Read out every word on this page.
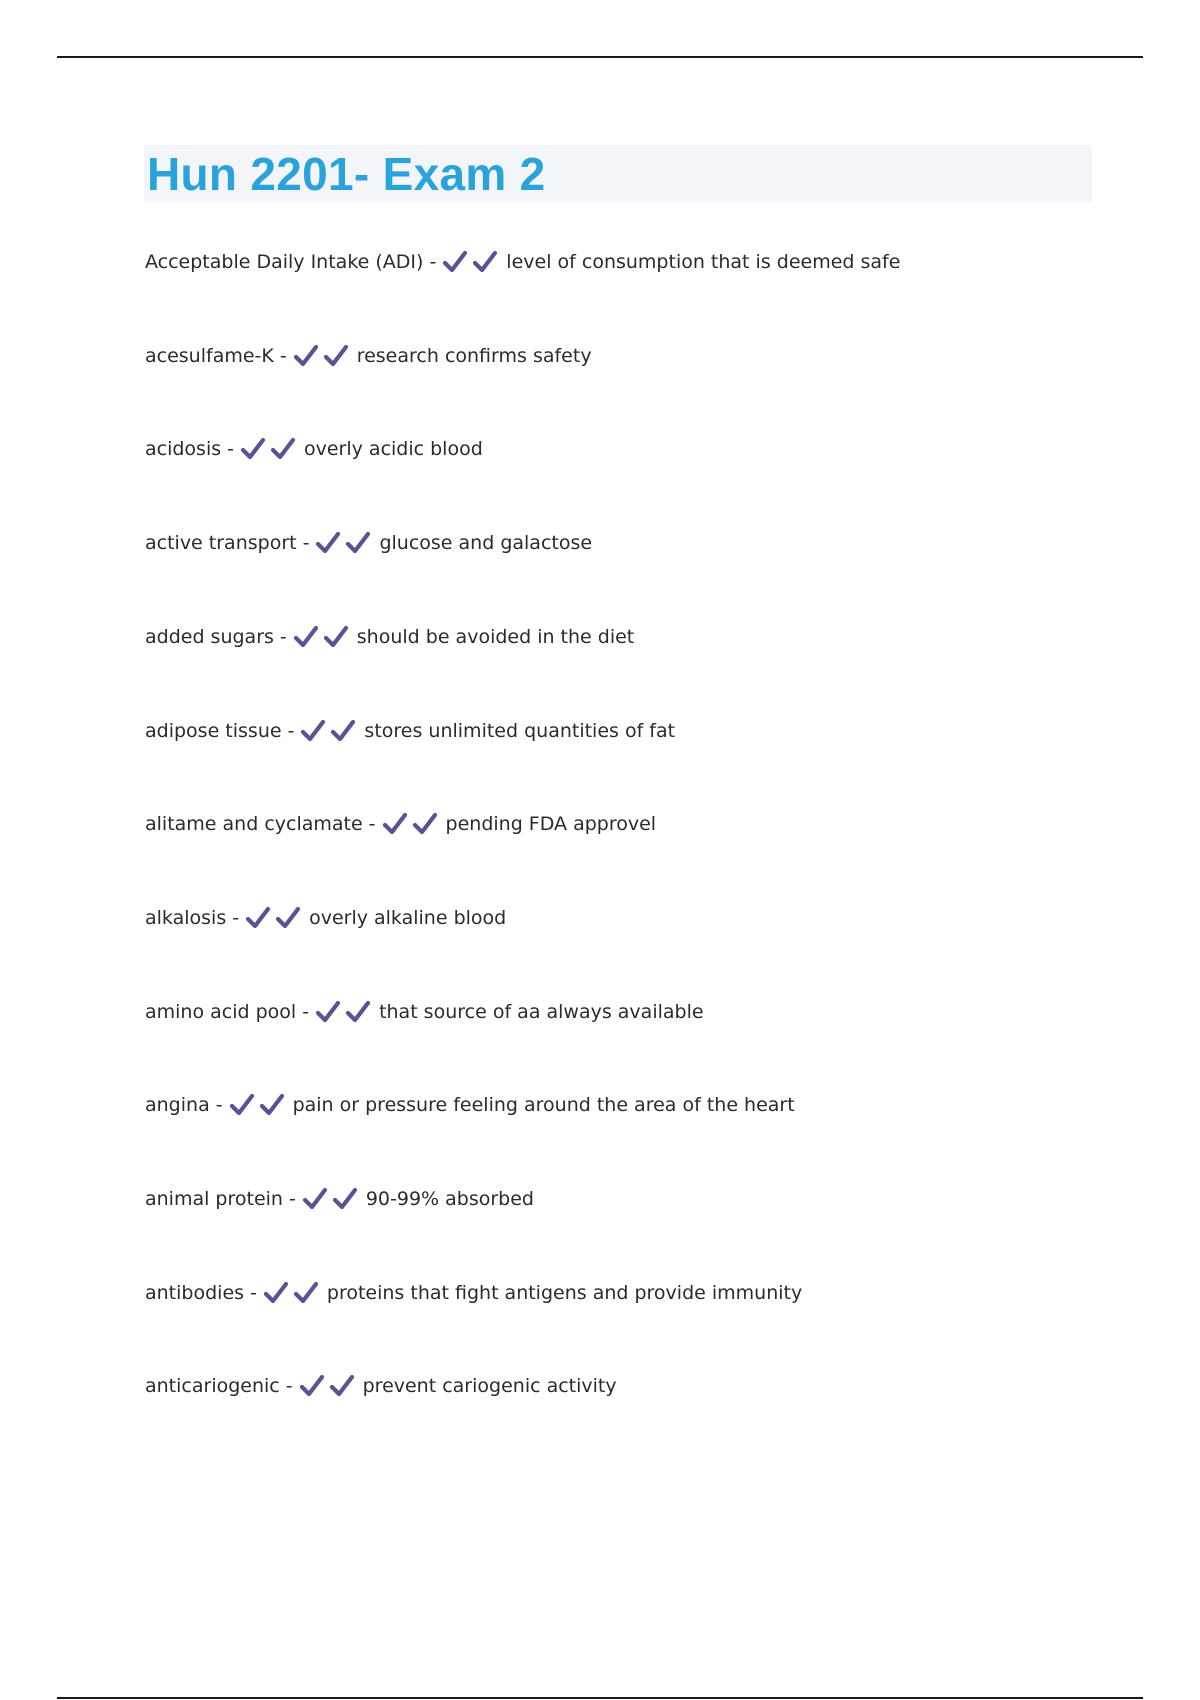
Hun 2201- Exam 2
Acceptable Daily Intake (ADI) -	level of consumption that is deemed safe
acesulfame-K -	research confirms safety
acidosis -	overly acidic blood
active transport -	glucose and galactose
added sugars -	should be avoided in the diet
adipose tissue -	stores unlimited quantities of fat
alitame and cyclamate -	pending FDA approvel
alkalosis -	overly alkaline blood
amino acid pool -	that source of aa always available
angina -	pain or pressure feeling around the area of the heart
animal protein -	90-99% absorbed
antibodies -	proteins that fight antigens and provide immunity
anticariogenic -	prevent cariogenic activity
